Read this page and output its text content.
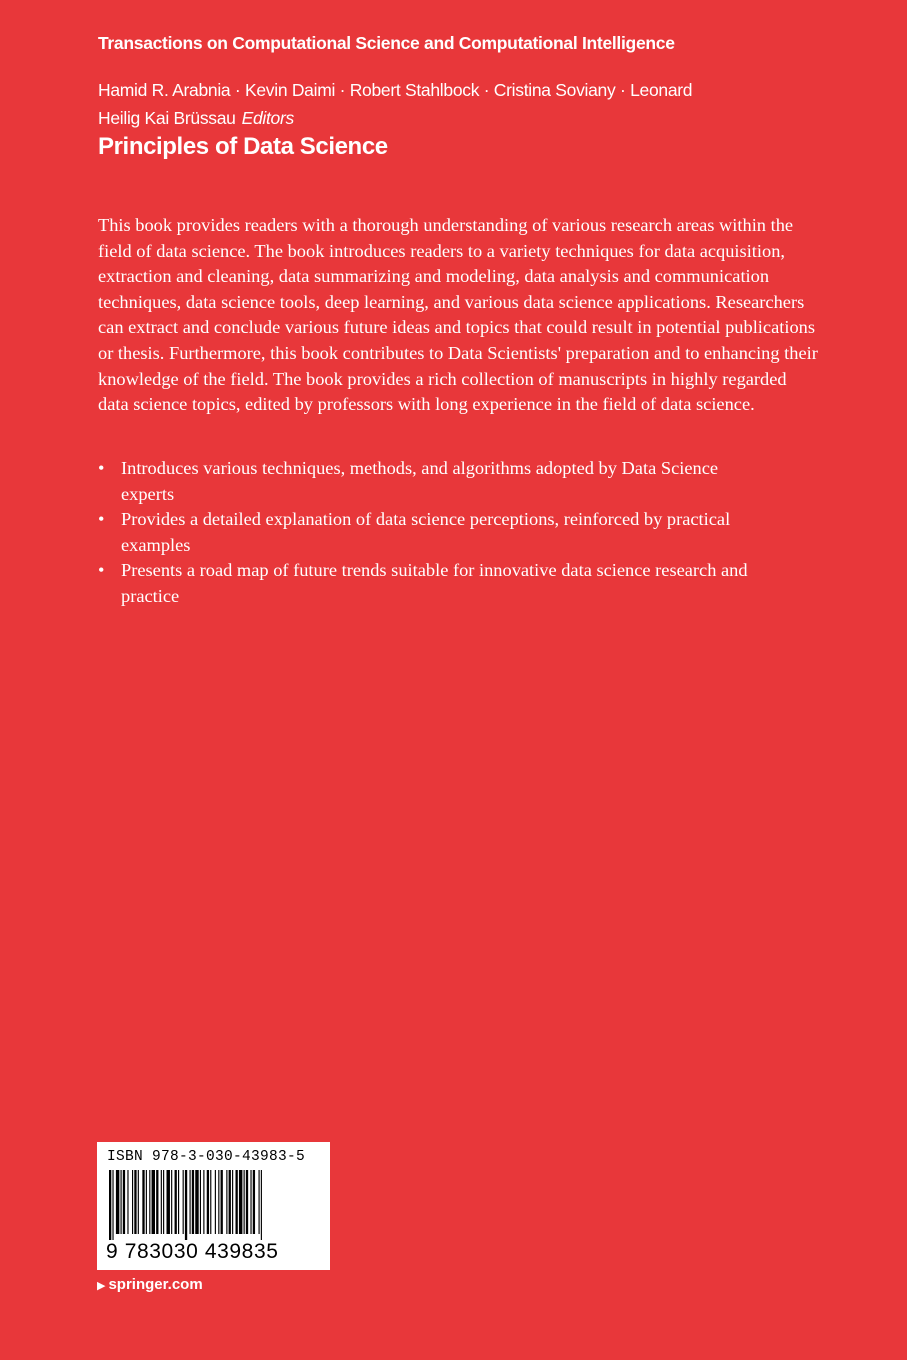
Transactions on Computational Science and Computational Intelligence
Hamid R. Arabnia · Kevin Daimi · Robert Stahlbock · Cristina Soviany · Leonard Heilig Kai Brüssau Editors
Principles of Data Science

This book provides readers with a thorough understanding of various research areas within the field of data science. The book introduces readers to a variety techniques for data acquisition, extraction and cleaning, data summarizing and modeling, data analysis and communication techniques, data science tools, deep learning, and various data science applications. Researchers can extract and conclude various future ideas and topics that could result in potential publications or thesis. Furthermore, this book contributes to Data Scientists' preparation and to enhancing their knowledge of the field. The book provides a rich collection of manuscripts in highly regarded data science topics, edited by professors with long experience in the field of data science.

• Introduces various techniques, methods, and algorithms adopted by Data Science experts
• Provides a detailed explanation of data science perceptions, reinforced by practical examples
• Presents a road map of future trends suitable for innovative data science research and practice
ISBN 978-3-030-43983-5
9 783030 439835
▶ springer.com
